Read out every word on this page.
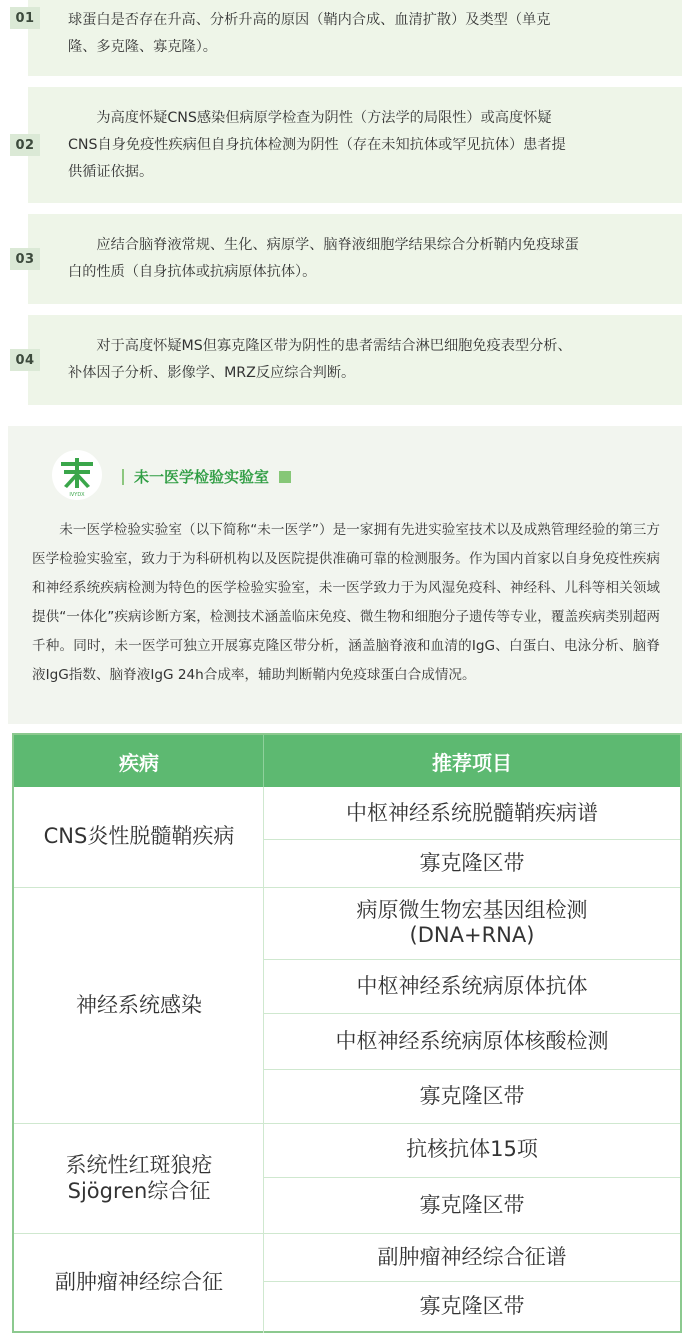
球蛋白是否存在升高、分析升高的原因（鞘内合成、血清扩散）及类型（单克
隆、多克隆、寡克隆）。
01
为高度怀疑CNS感染但病原学检查为阴性（方法学的局限性）或高度怀疑
CNS自身免疫性疾病但自身抗体检测为阴性（存在未知抗体或罕见抗体）患者提
供循证依据。
02
应结合脑脊液常规、生化、病原学、脑脊液细胞学结果综合分析鞘内免疫球蛋
白的性质（自身抗体或抗病原体抗体）。
03
对于高度怀疑MS但寡克隆区带为阴性的患者需结合淋巴细胞免疫表型分析、
补体因子分析、影像学、MRZ反应综合判断。
04
IVYDX
未一医学检验实验室
未一医学检验实验室（以下简称“未一医学”）是一家拥有先进实验室技术以及成熟管理经验的第三方医学检验实验室，致力于为科研机构以及医院提供准确可靠的检测服务。作为国内首家以自身免疫性疾病和神经系统疾病检测为特色的医学检验实验室，未一医学致力于为风湿免疫科、神经科、儿科等相关领域提供“一体化”疾病诊断方案，检测技术涵盖临床免疫、微生物和细胞分子遗传等专业，覆盖疾病类别超两千种。同时，未一医学可独立开展寡克隆区带分析，涵盖脑脊液和血清的IgG、白蛋白、电泳分析、脑脊液IgG指数、脑脊液IgG 24h合成率，辅助判断鞘内免疫球蛋白合成情况。
疾病	推荐项目
CNS炎性脱髓鞘疾病
中枢神经系统脱髓鞘疾病谱
寡克隆区带
神经系统感染
病原微生物宏基因组检测
(DNA+RNA)
中枢神经系统病原体抗体
中枢神经系统病原体核酸检测
寡克隆区带
系统性红斑狼疮
Sjögren综合征
抗核抗体15项
寡克隆区带
副肿瘤神经综合征
副肿瘤神经综合征谱
寡克隆区带
